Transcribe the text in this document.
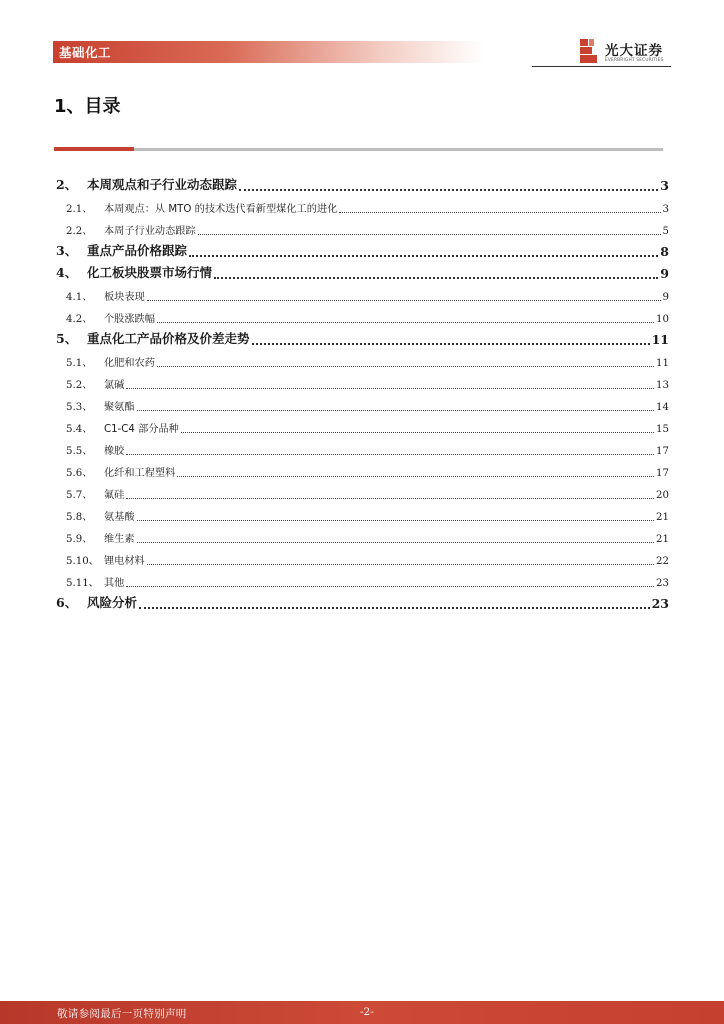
基础化工	光大证券
EVERBRIGHT SECURITIES
1、目录
2、 本周观点和子行业动态跟踪	3
2.1、	本周观点：从 MTO 的技术迭代看新型煤化工的进化	3
2.2、	本周子行业动态跟踪	5
3、 重点产品价格跟踪	8
4、 化工板块股票市场行情	9
4.1、	板块表现	9
4.2、	个股涨跌幅	10
5、 重点化工产品价格及价差走势	11
5.1、	化肥和农药	11
5.2、	氯碱	13
5.3、	聚氨酯	14
5.4、	C1-C4 部分品种	15
5.5、	橡胶	17
5.6、	化纤和工程塑料	17
5.7、	氟硅	20
5.8、	氨基酸	21
5.9、	维生素	21
5.10、 锂电材料	22
5.11、 其他	23
6、 风险分析	23
敬请参阅最后一页特别声明	-2-
